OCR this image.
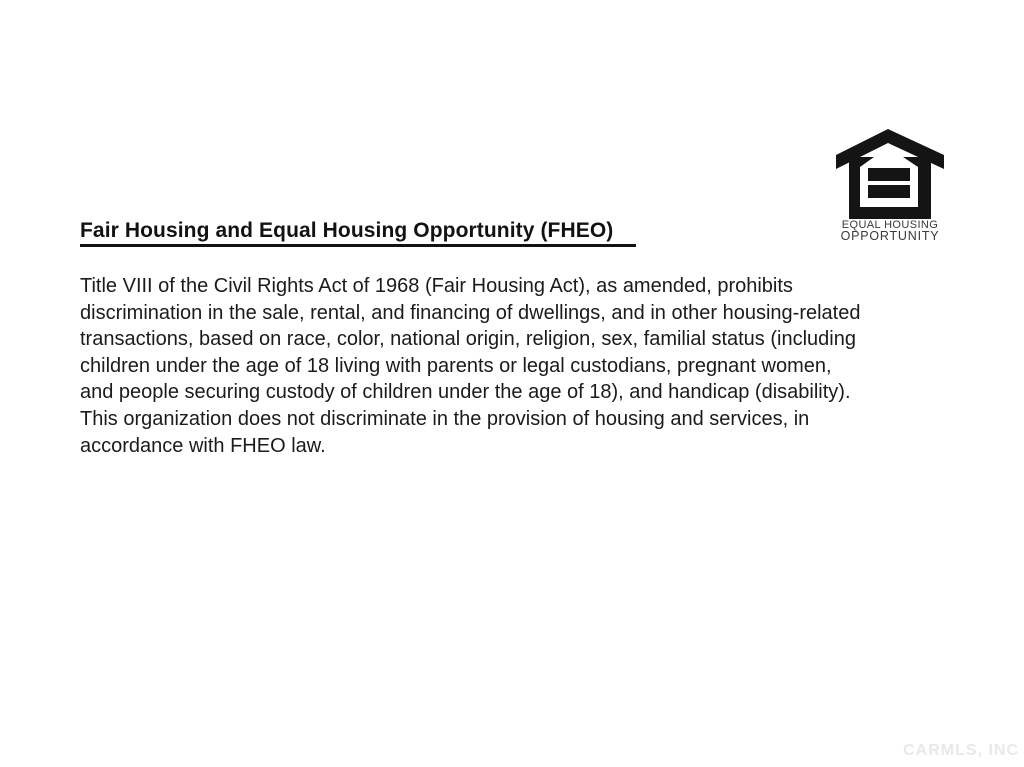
EQUAL HOUSING
OPPORTUNITY
Fair Housing and Equal Housing Opportunity (FHEO)
Title VIII of the Civil Rights Act of 1968 (Fair Housing Act), as amended, prohibits
discrimination in the sale, rental, and financing of dwellings, and in other housing-related
transactions, based on race, color, national origin, religion, sex, familial status (including
children under the age of 18 living with parents or legal custodians, pregnant women,
and people securing custody of children under the age of 18), and handicap (disability).
This organization does not discriminate in the provision of housing and services, in
accordance with FHEO law.
CARMLS, INC
